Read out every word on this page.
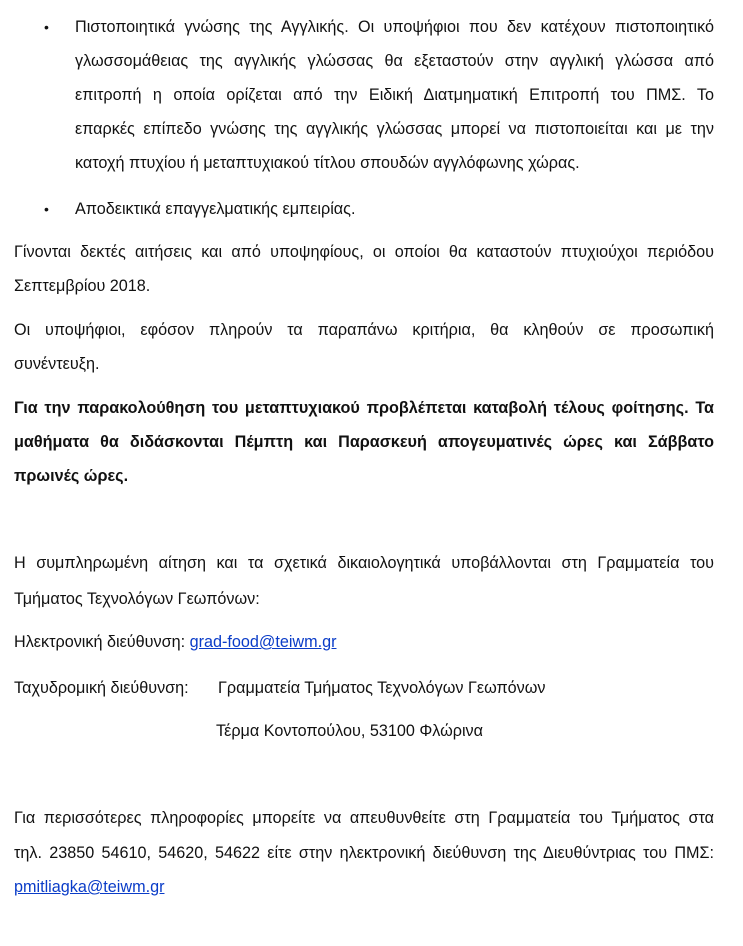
• Πιστοποιητικά γνώσης της Αγγλικής. Οι υποψήφιοι που δεν κατέχουν πιστοποιητικό
γλωσσομάθειας της αγγλικής γλώσσας θα εξεταστούν στην αγγλική γλώσσα από
επιτροπή η οποία ορίζεται από την Ειδική Διατμηματική Επιτροπή του ΠΜΣ. Το
επαρκές επίπεδο γνώσης της αγγλικής γλώσσας μπορεί να πιστοποιείται και με την
κατοχή πτυχίου ή μεταπτυχιακού τίτλου σπουδών αγγλόφωνης χώρας.
• Αποδεικτικά επαγγελματικής εμπειρίας.
Γίνονται δεκτές αιτήσεις και από υποψηφίους, οι οποίοι θα καταστούν πτυχιούχοι περιόδου
Σεπτεμβρίου 2018.
Οι υποψήφιοι, εφόσον πληρούν τα παραπάνω κριτήρια, θα κληθούν σε προσωπική
συνέντευξη.
Για την παρακολούθηση του μεταπτυχιακού προβλέπεται καταβολή τέλους φοίτησης. Τα
μαθήματα θα διδάσκονται Πέμπτη και Παρασκευή απογευματινές ώρες και Σάββατο
πρωινές ώρες.
Η συμπληρωμένη αίτηση και τα σχετικά δικαιολογητικά υποβάλλονται στη Γραμματεία του
Τμήματος Τεχνολόγων Γεωπόνων:
Ηλεκτρονική διεύθυνση: grad-food@teiwm.gr
Ταχυδρομική διεύθυνση: Γραμματεία Τμήματος Τεχνολόγων Γεωπόνων
Τέρμα Κοντοπούλου, 53100 Φλώρινα
Για περισσότερες πληροφορίες μπορείτε να απευθυνθείτε στη Γραμματεία του Τμήματος στα
τηλ. 23850 54610, 54620, 54622 είτε στην ηλεκτρονική διεύθυνση της Διευθύντριας του ΠΜΣ:
pmitliagka@teiwm.gr
